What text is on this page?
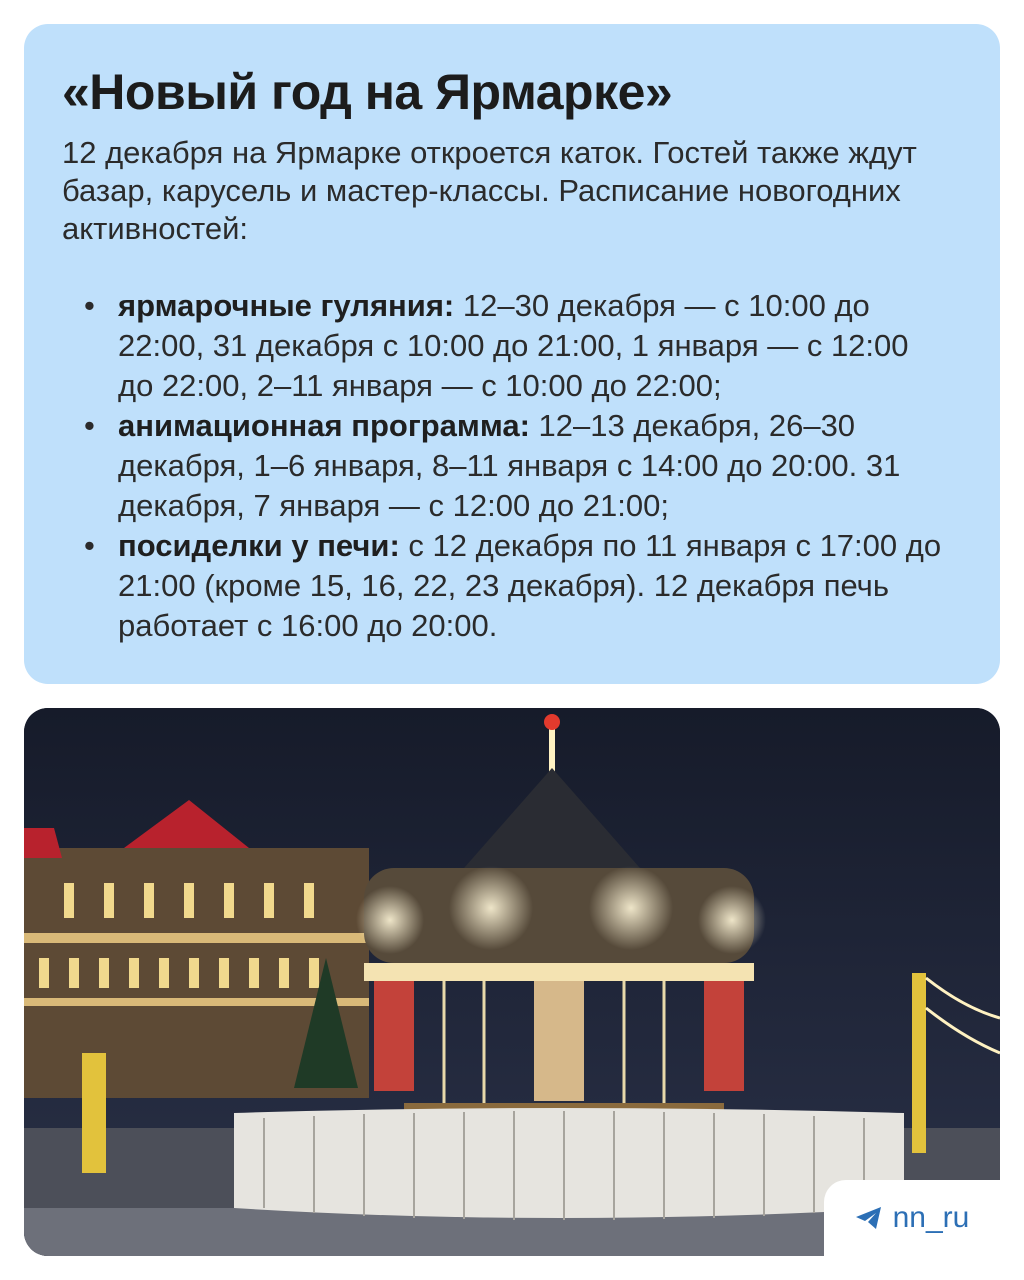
«Новый год на Ярмарке»
12 декабря на Ярмарке откроется каток. Гостей также ждут базар, карусель и мастер-классы. Расписание новогодних активностей:
• ярмарочные гуляния: 12–30 декабря — с 10:00 до 22:00, 31 декабря с 10:00 до 21:00, 1 января — с 12:00 до 22:00, 2–11 января — с 10:00 до 22:00;
• анимационная программа: 12–13 декабря, 26–30 декабря, 1–6 января, 8–11 января с 14:00 до 20:00. 31 декабря, 7 января — с 12:00 до 21:00;
• посиделки у печи: с 12 декабря по 11 января с 17:00 до 21:00 (кроме 15, 16, 22, 23 декабря). 12 декабря печь работает с 16:00 до 20:00.
nn_ru
